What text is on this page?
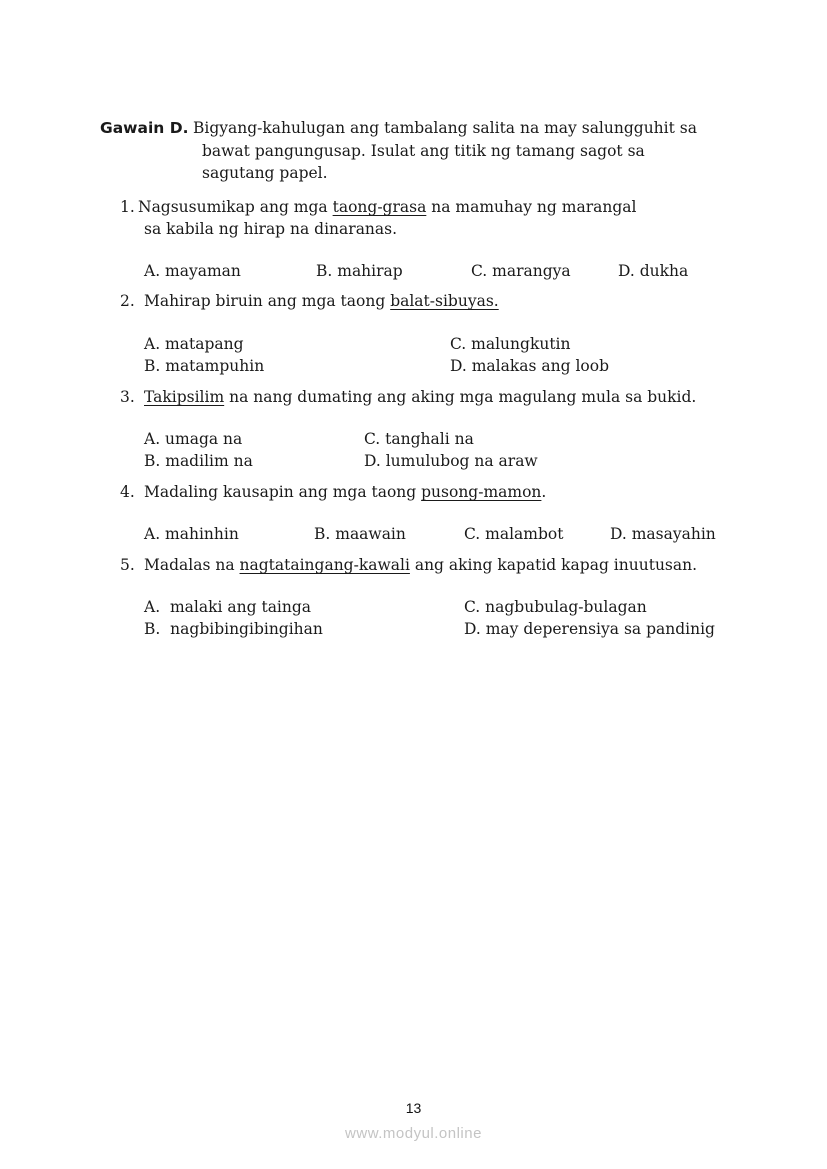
Gawain D. Bigyang-kahulugan ang tambalang salita na may salungguhit sa
bawat pangungusap. Isulat ang titik ng tamang sagot sa
sagutang papel.
1. Nagsusumikap ang mga taong-grasa na mamuhay ng marangal
sa kabila ng hirap na dinaranas.
A. mayaman	B. mahirap	C. marangya	D. dukha
2. Mahirap biruin ang mga taong balat-sibuyas.
A. matapang
B. matampuhin
C. malungkutin
D. malakas ang loob
3. Takipsilim na nang dumating ang aking mga magulang mula sa bukid.
A. umaga na
B. madilim na
C. tanghali na
D. lumulubog na araw
4. Madaling kausapin ang mga taong pusong-mamon.
A. mahinhin	B. maawain	C. malambot	D. masayahin
5. Madalas na nagtataingang-kawali ang aking kapatid kapag inuutusan.
A.  malaki ang tainga
B.  nagbibingibingihan
C. nagbubulag-bulagan
D. may deperensiya sa pandinig
13
www.modyul.online
